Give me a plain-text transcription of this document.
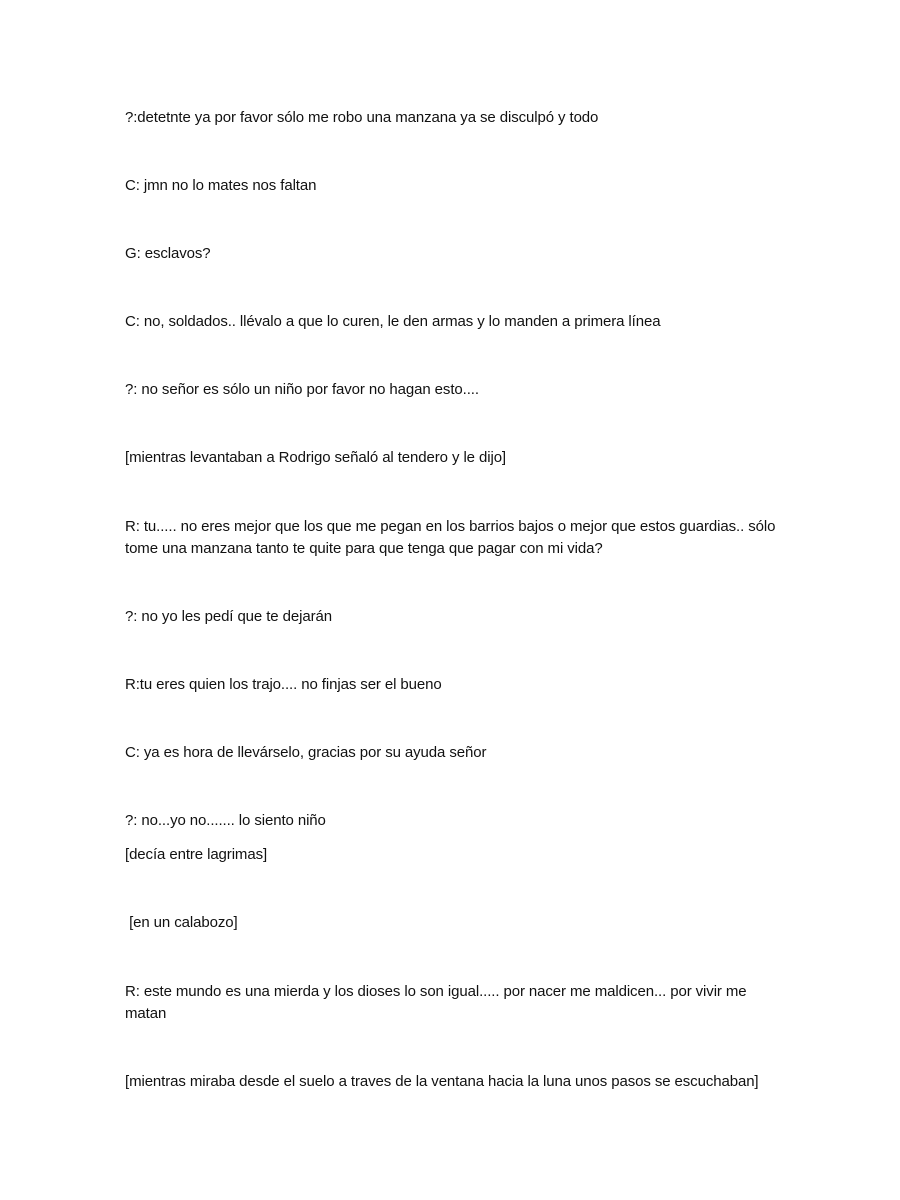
?:detetnte ya por favor sólo me robo una manzana ya se disculpó y todo

C: jmn no lo mates nos faltan

G: esclavos?

C: no, soldados.. llévalo a que lo curen, le den armas y lo manden a primera línea

?: no señor es sólo un niño por favor no hagan esto....

[mientras levantaban a Rodrigo señaló al tendero y le dijo]

R: tu..... no eres mejor que los que me pegan en los barrios bajos o mejor que estos guardias.. sólo tome una manzana tanto te quite para que tenga que pagar con mi vida?

?: no yo les pedí que te dejarán

R:tu eres quien los trajo.... no finjas ser el bueno

C: ya es hora de llevárselo, gracias por su ayuda señor

?: no...yo no....... lo siento niño

[decía entre lagrimas]

[en un calabozo]

R: este mundo es una mierda y los dioses lo son igual..... por nacer me maldicen... por vivir me matan

[mientras miraba desde el suelo a traves de la ventana hacia la luna unos pasos se escuchaban]
